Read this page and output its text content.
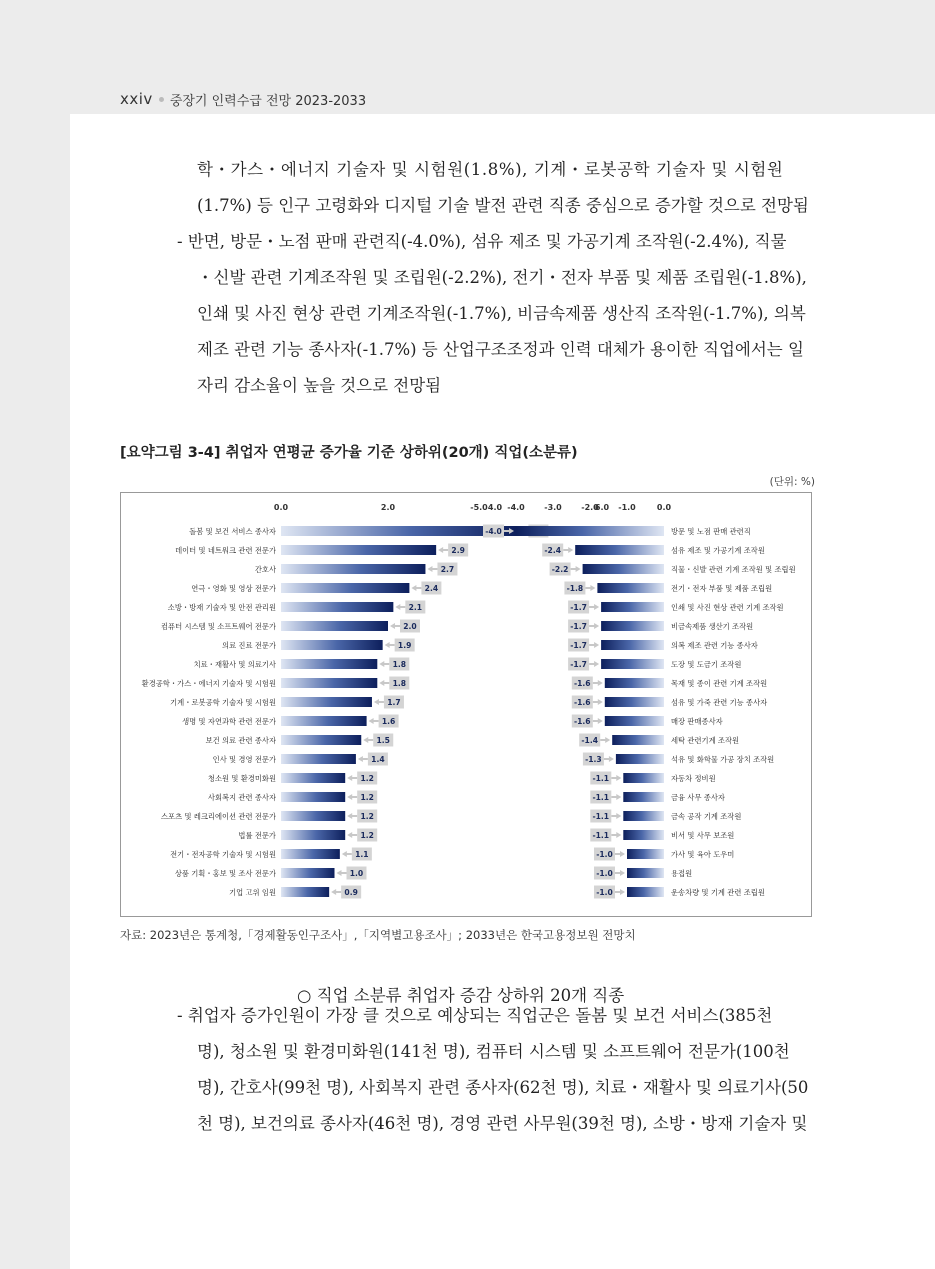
xxiv 중장기 인력수급 전망 2023-2033
학・가스・에너지 기술자 및 시험원(1.8%), 기계・로봇공학 기술자 및 시험원
(1.7%) 등 인구 고령화와 디지털 기술 발전 관련 직종 중심으로 증가할 것으로 전망됨
- 반면, 방문・노점 판매 관련직(-4.0%), 섬유 제조 및 가공기계 조작원(-2.4%), 직물
・신발 관련 기계조작원 및 조립원(-2.2%), 전기・전자 부품 및 제품 조립원(-1.8%),
인쇄 및 사진 현상 관련 기계조작원(-1.7%), 비금속제품 생산직 조작원(-1.7%), 의복
제조 관련 기능 종사자(-1.7%) 등 산업구조조정과 인력 대체가 용이한 직업에서는 일
자리 감소율이 높을 것으로 전망됨
[요약그림 3-4] 취업자 연평균 증가율 기준 상하위(20개) 직업(소분류)
(단위: %)
0.0	2.0	4.0	6.0
돌봄 및 보건 서비스 종사자
데이터 및 네트워크 관련 전문가	2.9
간호사	2.7
연극・영화 및 영상 전문가	2.4
소방・방재 기술자 및 안전 관리원	2.1
컴퓨터 시스템 및 소프트웨어 전문가	2.0
의료 진료 전문가	1.9
치료・재활사 및 의료기사	1.8
환경공학・가스・에너지 기술자 및 시험원	1.8
기계・로봇공학 기술자 및 시험원	1.7
생명 및 자연과학 관련 전문가	1.6
보건 의료 관련 종사자	1.5
인사 및 경영 전문가	1.4
청소원 및 환경미화원	1.2
사회복지 관련 종사자	1.2
스포츠 및 레크리에이션 관련 전문가	1.2
법률 전문가	1.2
전기・전자공학 기술자 및 시험원	1.1
상품 기획・홍보 및 조사 전문가	1.0
기업 고위 임원	0.9
-5.0 -4.0 -3.0 -2.0 -1.0	0.0
방문 및 노점 판매 관련직
-4.0
섬유 제조 및 가공기계 조작원
-2.4
직물・신발 관련 기계 조작원 및 조립원
-2.2
전기・전자 부품 및 제품 조립원
-1.8
인쇄 및 사진 현상 관련 기계 조작원
-1.7
비금속제품 생산기 조작원
-1.7
의복 제조 관련 기능 종사자
-1.7
도장 및 도금기 조작원
-1.7
목재 및 종이 관련 기계 조작원
-1.6
섬유 및 가죽 관련 기능 종사자
-1.6
매장 판매종사자
-1.6
세탁 관련기계 조작원
-1.4
석유 및 화학물 가공 장치 조작원
-1.3
자동차 정비원
-1.1
금융 사무 종사자
-1.1
금속 공작 기계 조작원
-1.1
비서 및 사무 보조원
-1.1
가사 및 육아 도우미
-1.0
용접원
-1.0
운송차량 및 기계 관련 조립원
-1.0
자료: 2023년은 통계청,「경제활동인구조사」,「지역별고용조사」; 2033년은 한국고용정보원 전망치
○ 직업 소분류 취업자 증감 상하위 20개 직종
- 취업자 증가인원이 가장 클 것으로 예상되는 직업군은 돌봄 및 보건 서비스(385천
명), 청소원 및 환경미화원(141천 명), 컴퓨터 시스템 및 소프트웨어 전문가(100천
명), 간호사(99천 명), 사회복지 관련 종사자(62천 명), 치료・재활사 및 의료기사(50
천 명), 보건의료 종사자(46천 명), 경영 관련 사무원(39천 명), 소방・방재 기술자 및
